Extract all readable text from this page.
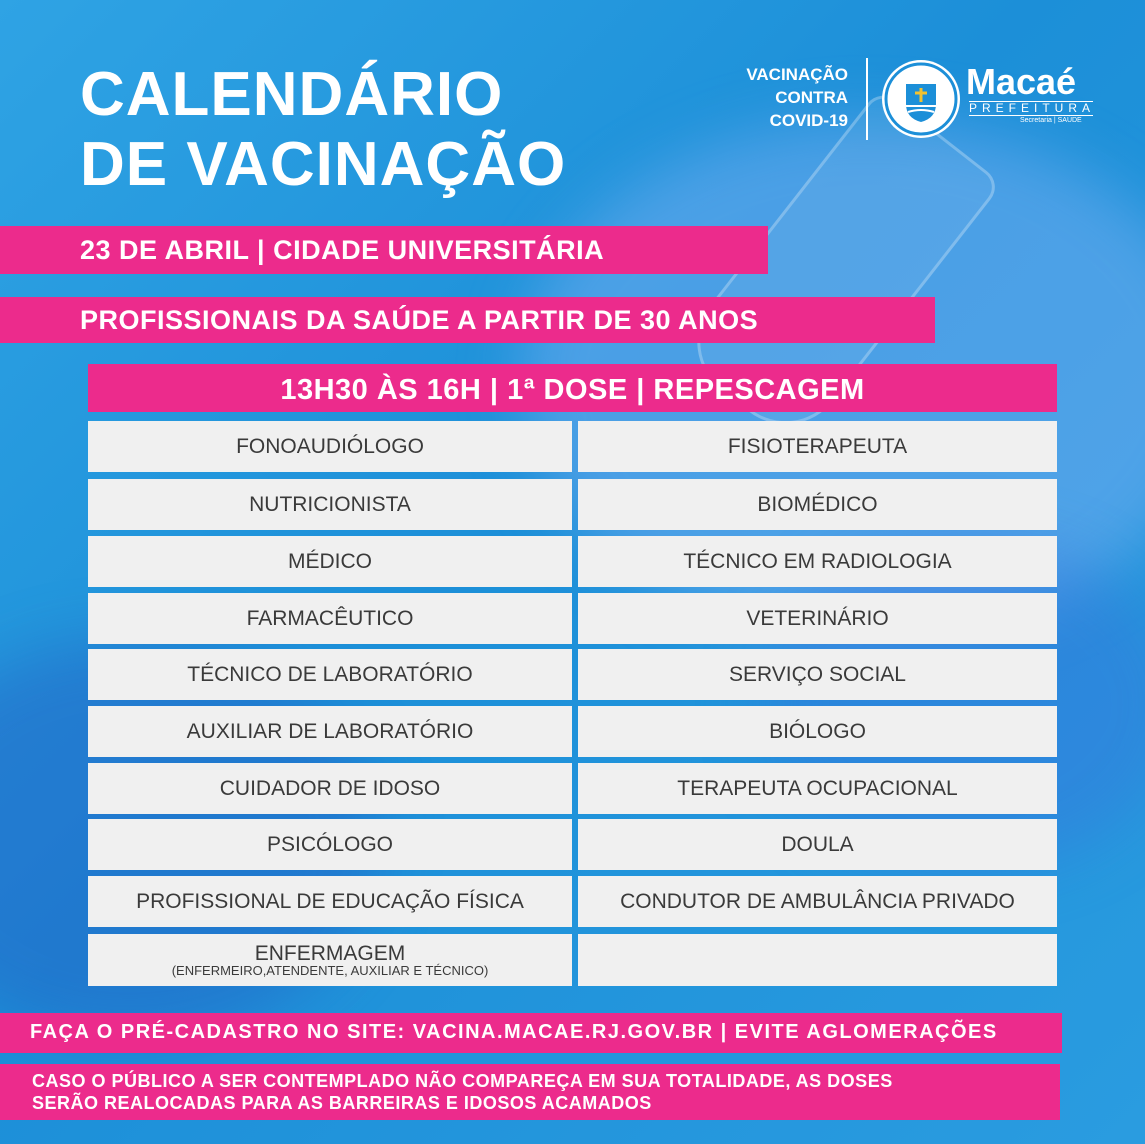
CALENDÁRIO
DE VACINAÇÃO
VACINAÇÃO
CONTRA
COVID-19
Macaé
PREFEITURA
Secretaria | SAÚDE
23 DE ABRIL | CIDADE UNIVERSITÁRIA
PROFISSIONAIS DA SAÚDE A PARTIR DE 30 ANOS
13H30 ÀS 16H | 1ª DOSE | REPESCAGEM
FONOAUDIÓLOGO	FISIOTERAPEUTA
NUTRICIONISTA	BIOMÉDICO
MÉDICO	TÉCNICO EM RADIOLOGIA
FARMACÊUTICO	VETERINÁRIO
TÉCNICO DE LABORATÓRIO	SERVIÇO SOCIAL
AUXILIAR DE LABORATÓRIO	BIÓLOGO
CUIDADOR DE IDOSO	TERAPEUTA OCUPACIONAL
PSICÓLOGO	DOULA
PROFISSIONAL DE EDUCAÇÃO FÍSICA	CONDUTOR DE AMBULÂNCIA PRIVADO
ENFERMAGEM
(ENFERMEIRO,ATENDENTE, AUXILIAR E TÉCNICO)
FAÇA O PRÉ-CADASTRO NO SITE: VACINA.MACAE.RJ.GOV.BR | EVITE AGLOMERAÇÕES
CASO O PÚBLICO A SER CONTEMPLADO NÃO COMPAREÇA EM SUA TOTALIDADE, AS DOSES
SERÃO REALOCADAS PARA AS BARREIRAS E IDOSOS ACAMADOS
